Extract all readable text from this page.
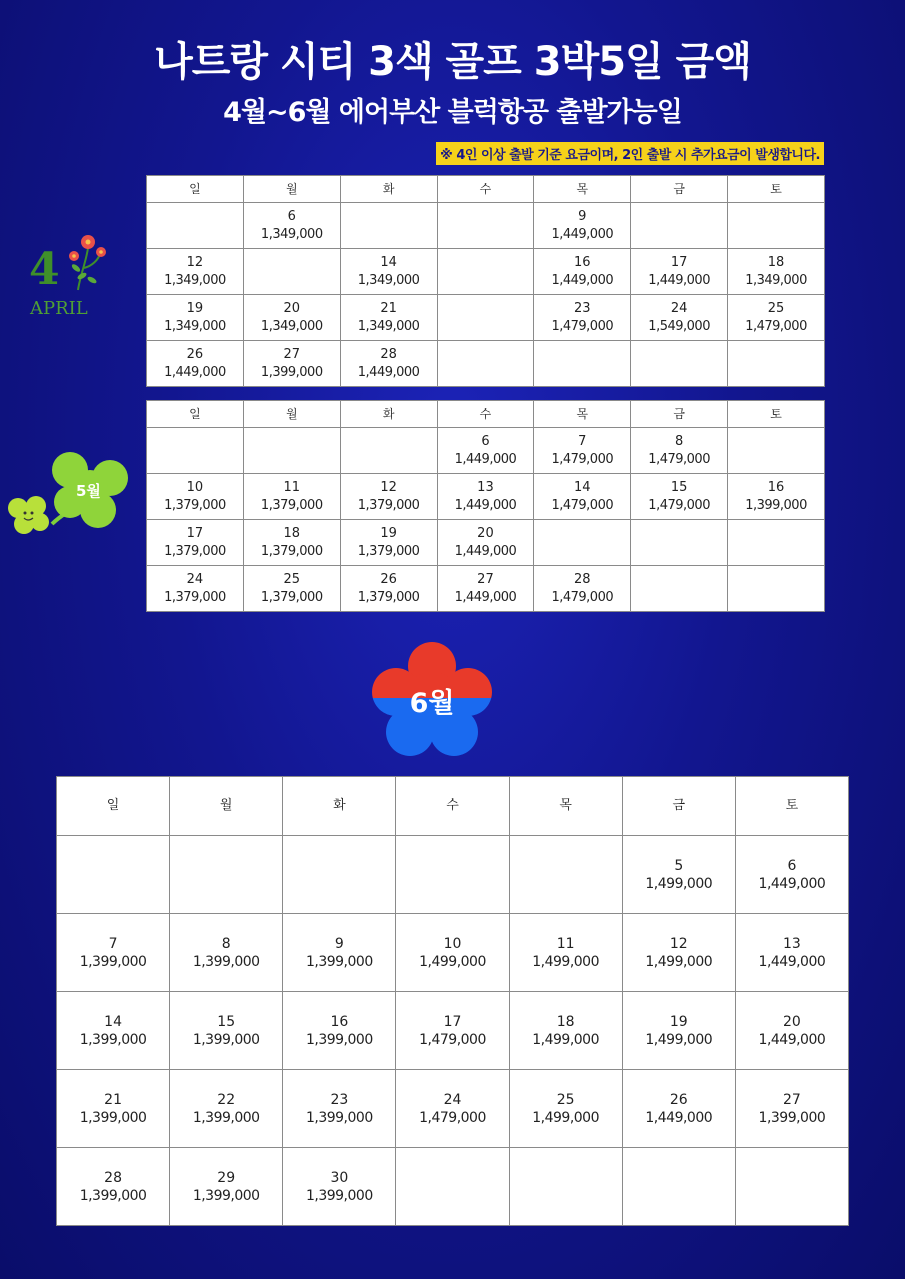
나트랑 시티 3색 골프 3박5일 금액
4월~6월 에어부산 블럭항공 출발가능일
※ 4인 이상 출발 기준 요금이며, 2인 출발 시 추가요금이 발생합니다.
4
APRIL
5월
6월
일	월	화	수	목	금	토

	6
1,349,000			9
1,449,000		

12
1,349,000		14
1,349,000		16
1,449,000	17
1,449,000	18
1,349,000

19
1,349,000	20
1,349,000	21
1,349,000		23
1,479,000	24
1,549,000	25
1,479,000

26
1,449,000	27
1,399,000	28
1,449,000				

일	월	화	수	목	금	토

			6
1,449,000	7
1,479,000	8
1,479,000	

10
1,379,000	11
1,379,000	12
1,379,000	13
1,449,000	14
1,479,000	15
1,479,000	16
1,399,000

17
1,379,000	18
1,379,000	19
1,379,000	20
1,449,000			

24
1,379,000	25
1,379,000	26
1,379,000	27
1,449,000	28
1,479,000		

일	월	화	수	목	금	토

					5
1,499,000	6
1,449,000

7
1,399,000	8
1,399,000	9
1,399,000	10
1,499,000	11
1,499,000	12
1,499,000	13
1,449,000

14
1,399,000	15
1,399,000	16
1,399,000	17
1,479,000	18
1,499,000	19
1,499,000	20
1,449,000

21
1,399,000	22
1,399,000	23
1,399,000	24
1,479,000	25
1,499,000	26
1,449,000	27
1,399,000

28
1,399,000	29
1,399,000	30
1,399,000				
